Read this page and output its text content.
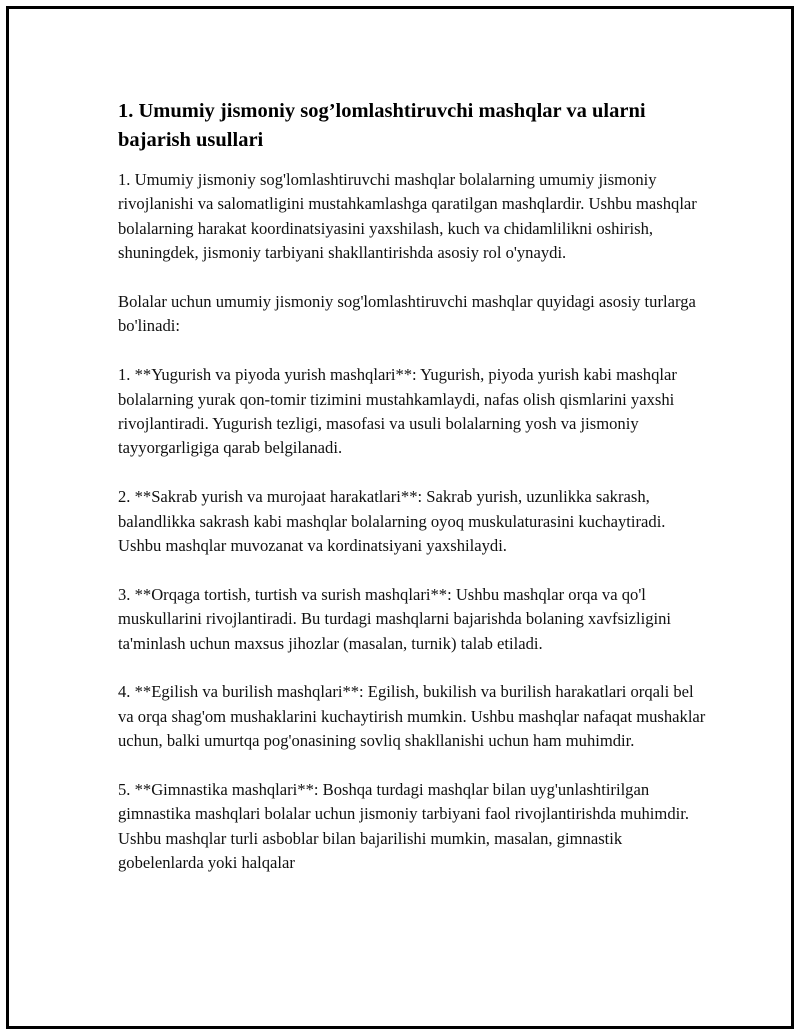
1. Umumiy jismoniy sog’lomlashtiruvchi mashqlar va ularni bajarish usullari

1. Umumiy jismoniy sog'lomlashtiruvchi mashqlar bolalarning umumiy jismoniy rivojlanishi va salomatligini mustahkamlashga qaratilgan mashqlardir. Ushbu mashqlar bolalarning harakat koordinatsiyasini yaxshilash, kuch va chidamlilikni oshirish, shuningdek, jismoniy tarbiyani shakllantirishda asosiy rol o'ynaydi.

Bolalar uchun umumiy jismoniy sog'lomlashtiruvchi mashqlar quyidagi asosiy turlarga bo'linadi:

1. **Yugurish va piyoda yurish mashqlari**: Yugurish, piyoda yurish kabi mashqlar bolalarning yurak qon-tomir tizimini mustahkamlaydi, nafas olish qismlarini yaxshi rivojlantiradi. Yugurish tezligi, masofasi va usuli bolalarning yosh va jismoniy tayyorgarligiga qarab belgilanadi.

2. **Sakrab yurish va murojaat harakatlari**: Sakrab yurish, uzunlikka sakrash, balandlikka sakrash kabi mashqlar bolalarning oyoq muskulaturasini kuchaytiradi. Ushbu mashqlar muvozanat va kordinatsiyani yaxshilaydi.

3. **Orqaga tortish, turtish va surish mashqlari**: Ushbu mashqlar orqa va qo'l muskullarini rivojlantiradi. Bu turdagi mashqlarni bajarishda bolaning xavfsizligini ta'minlash uchun maxsus jihozlar (masalan, turnik) talab etiladi.

4. **Egilish va burilish mashqlari**: Egilish, bukilish va burilish harakatlari orqali bel va orqa shag'om mushaklarini kuchaytirish mumkin. Ushbu mashqlar nafaqat mushaklar uchun, balki umurtqa pog'onasining sovliq shakllanishi uchun ham muhimdir.

5. **Gimnastika mashqlari**: Boshqa turdagi mashqlar bilan uyg'unlashtirilgan gimnastika mashqlari bolalar uchun jismoniy tarbiyani faol rivojlantirishda muhimdir. Ushbu mashqlar turli asboblar bilan bajarilishi mumkin, masalan, gimnastik gobelenlarda yoki halqalar
